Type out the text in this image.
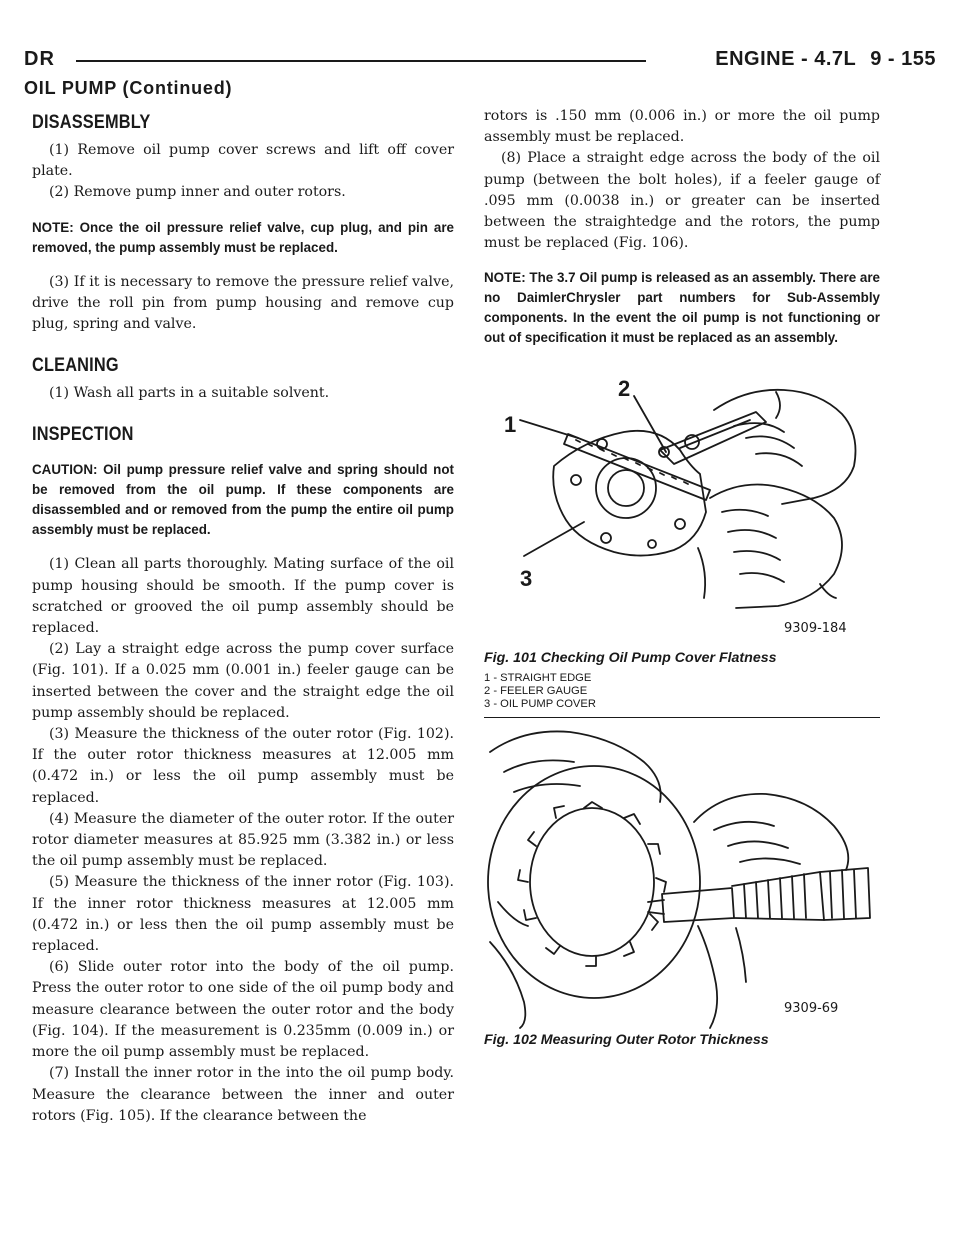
DR	ENGINE - 4.7L 9 - 155
OIL PUMP (Continued)
DISASSEMBLY

(1) Remove oil pump cover screws and lift off cover plate.

(2) Remove pump inner and outer rotors.

NOTE: Once the oil pressure relief valve, cup plug, and pin are removed, the pump assembly must be replaced.

(3) If it is necessary to remove the pressure relief valve, drive the roll pin from pump housing and remove cup plug, spring and valve.

CLEANING

(1) Wash all parts in a suitable solvent.

INSPECTION

CAUTION: Oil pump pressure relief valve and spring should not be removed from the oil pump. If these components are disassembled and or removed from the pump the entire oil pump assembly must be replaced.

(1) Clean all parts thoroughly. Mating surface of the oil pump housing should be smooth. If the pump cover is scratched or grooved the oil pump assembly should be replaced.

(2) Lay a straight edge across the pump cover surface (Fig. 101). If a 0.025 mm (0.001 in.) feeler gauge can be inserted between the cover and the straight edge the oil pump assembly should be replaced.

(3) Measure the thickness of the outer rotor (Fig. 102). If the outer rotor thickness measures at 12.005 mm (0.472 in.) or less the oil pump assembly must be replaced.

(4) Measure the diameter of the outer rotor. If the outer rotor diameter measures at 85.925 mm (3.382 in.) or less the oil pump assembly must be replaced.

(5) Measure the thickness of the inner rotor (Fig. 103). If the inner rotor thickness measures at 12.005 mm (0.472 in.) or less then the oil pump assembly must be replaced.

(6) Slide outer rotor into the body of the oil pump. Press the outer rotor to one side of the oil pump body and measure clearance between the outer rotor and the body (Fig. 104). If the measurement is 0.235mm (0.009 in.) or more the oil pump assembly must be replaced.

(7) Install the inner rotor in the into the oil pump body. Measure the clearance between the inner and outer rotors (Fig. 105). If the clearance between the

rotors is .150 mm (0.006 in.) or more the oil pump assembly must be replaced.

(8) Place a straight edge across the body of the oil pump (between the bolt holes), if a feeler gauge of .095 mm (0.0038 in.) or greater can be inserted between the straightedge and the rotors, the pump must be replaced (Fig. 106).

NOTE: The 3.7 Oil pump is released as an assembly. There are no DaimlerChrysler part numbers for Sub-Assembly components. In the event the oil pump is not functioning or out of specification it must be replaced as an assembly.

1
2
3
9309-184
Fig. 101 Checking Oil Pump Cover Flatness
1 - STRAIGHT EDGE
2 - FEELER GAUGE
3 - OIL PUMP COVER
9309-69
Fig. 102 Measuring Outer Rotor Thickness
